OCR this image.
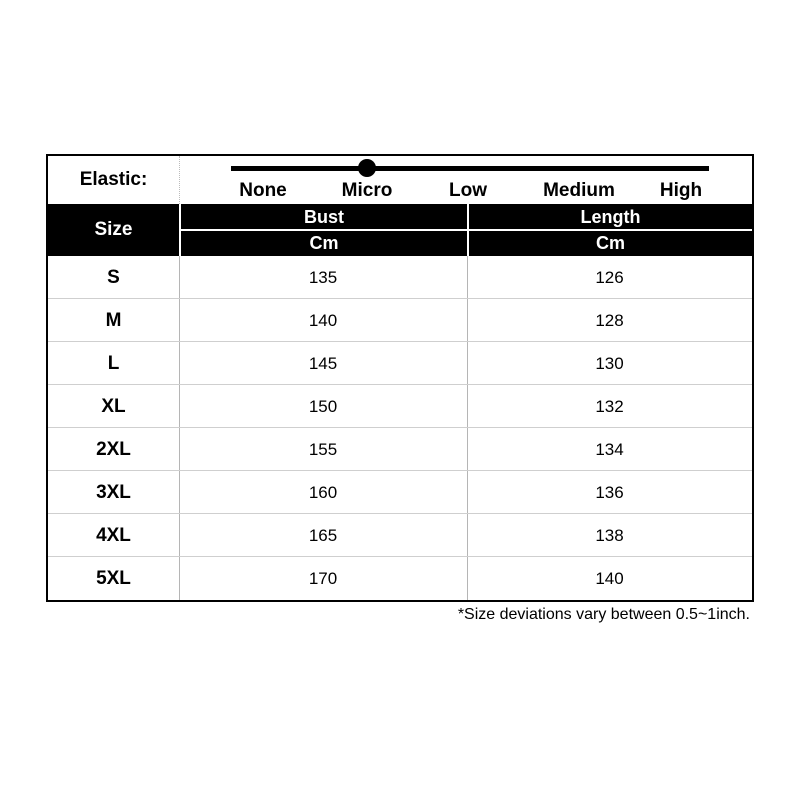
Elastic:
None	Micro	Low	Medium High
Size
Bust	Length
Cm	Cm
S	135	126
M	140	128
L	145	130
XL	150	132
2XL	155	134
3XL	160	136
4XL	165	138
5XL	170	140
*Size deviations vary between 0.5~1inch.
